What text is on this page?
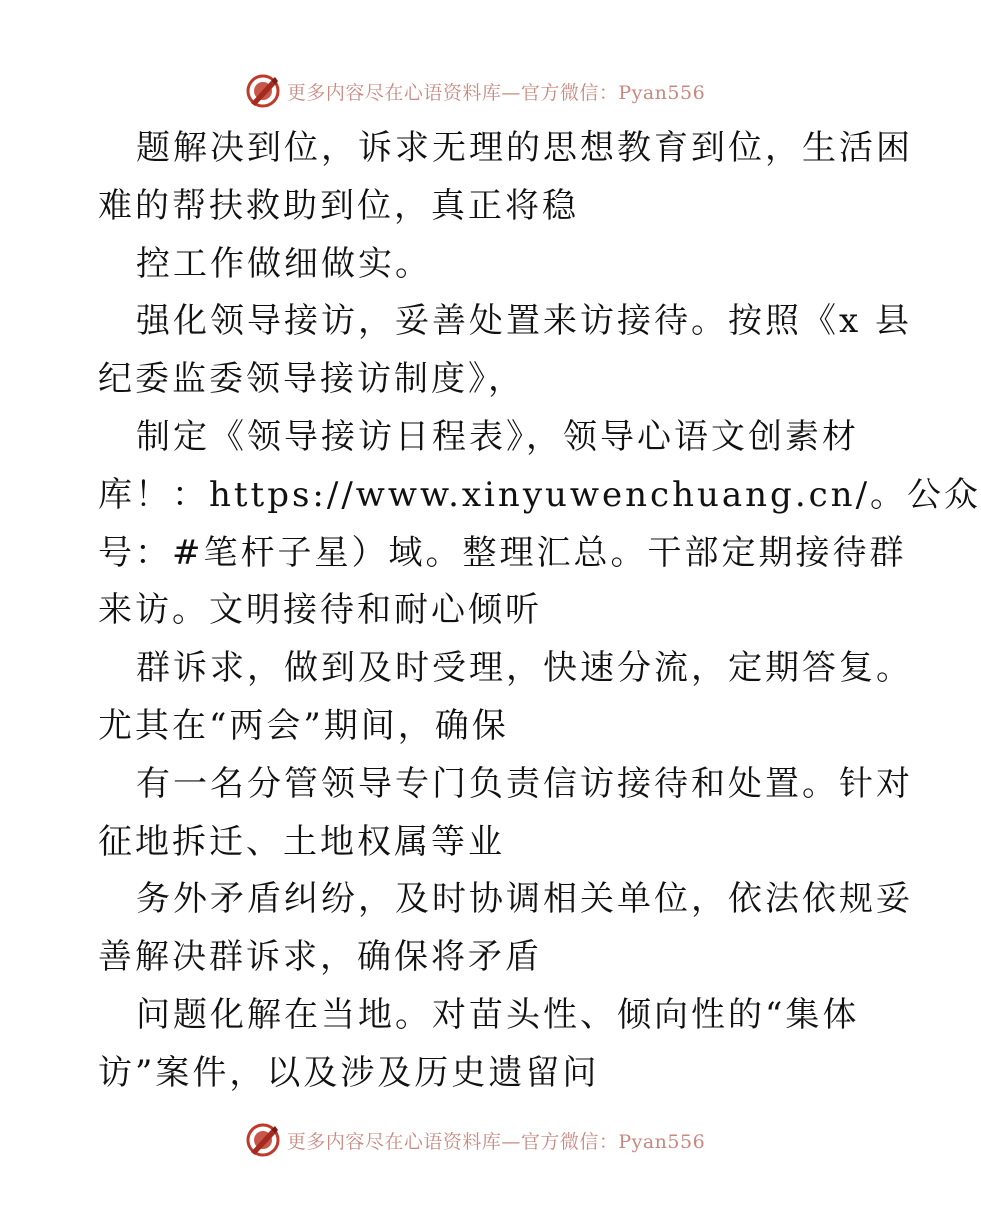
更多内容尽在心语资料库—官方微信：Pyan556
题解决到位，诉求无理的思想教育到位，生活困
难的帮扶救助到位，真正将稳
控工作做细做实。
强化领导接访，妥善处置来访接待。按照《x 县
纪委监委领导接访制度》，
制定《领导接访日程表》，领导心语文创素材
库！：https://www.xinyuwenchuang.cn/。公众
号：#笔杆子星）域。整理汇总。干部定期接待群
来访。文明接待和耐心倾听
群诉求，做到及时受理，快速分流，定期答复。
尤其在“两会”期间，确保
有一名分管领导专门负责信访接待和处置。针对
征地拆迁、土地权属等业
务外矛盾纠纷，及时协调相关单位，依法依规妥
善解决群诉求，确保将矛盾
问题化解在当地。对苗头性、倾向性的“集体
访”案件，以及涉及历史遗留问
更多内容尽在心语资料库—官方微信：Pyan556
